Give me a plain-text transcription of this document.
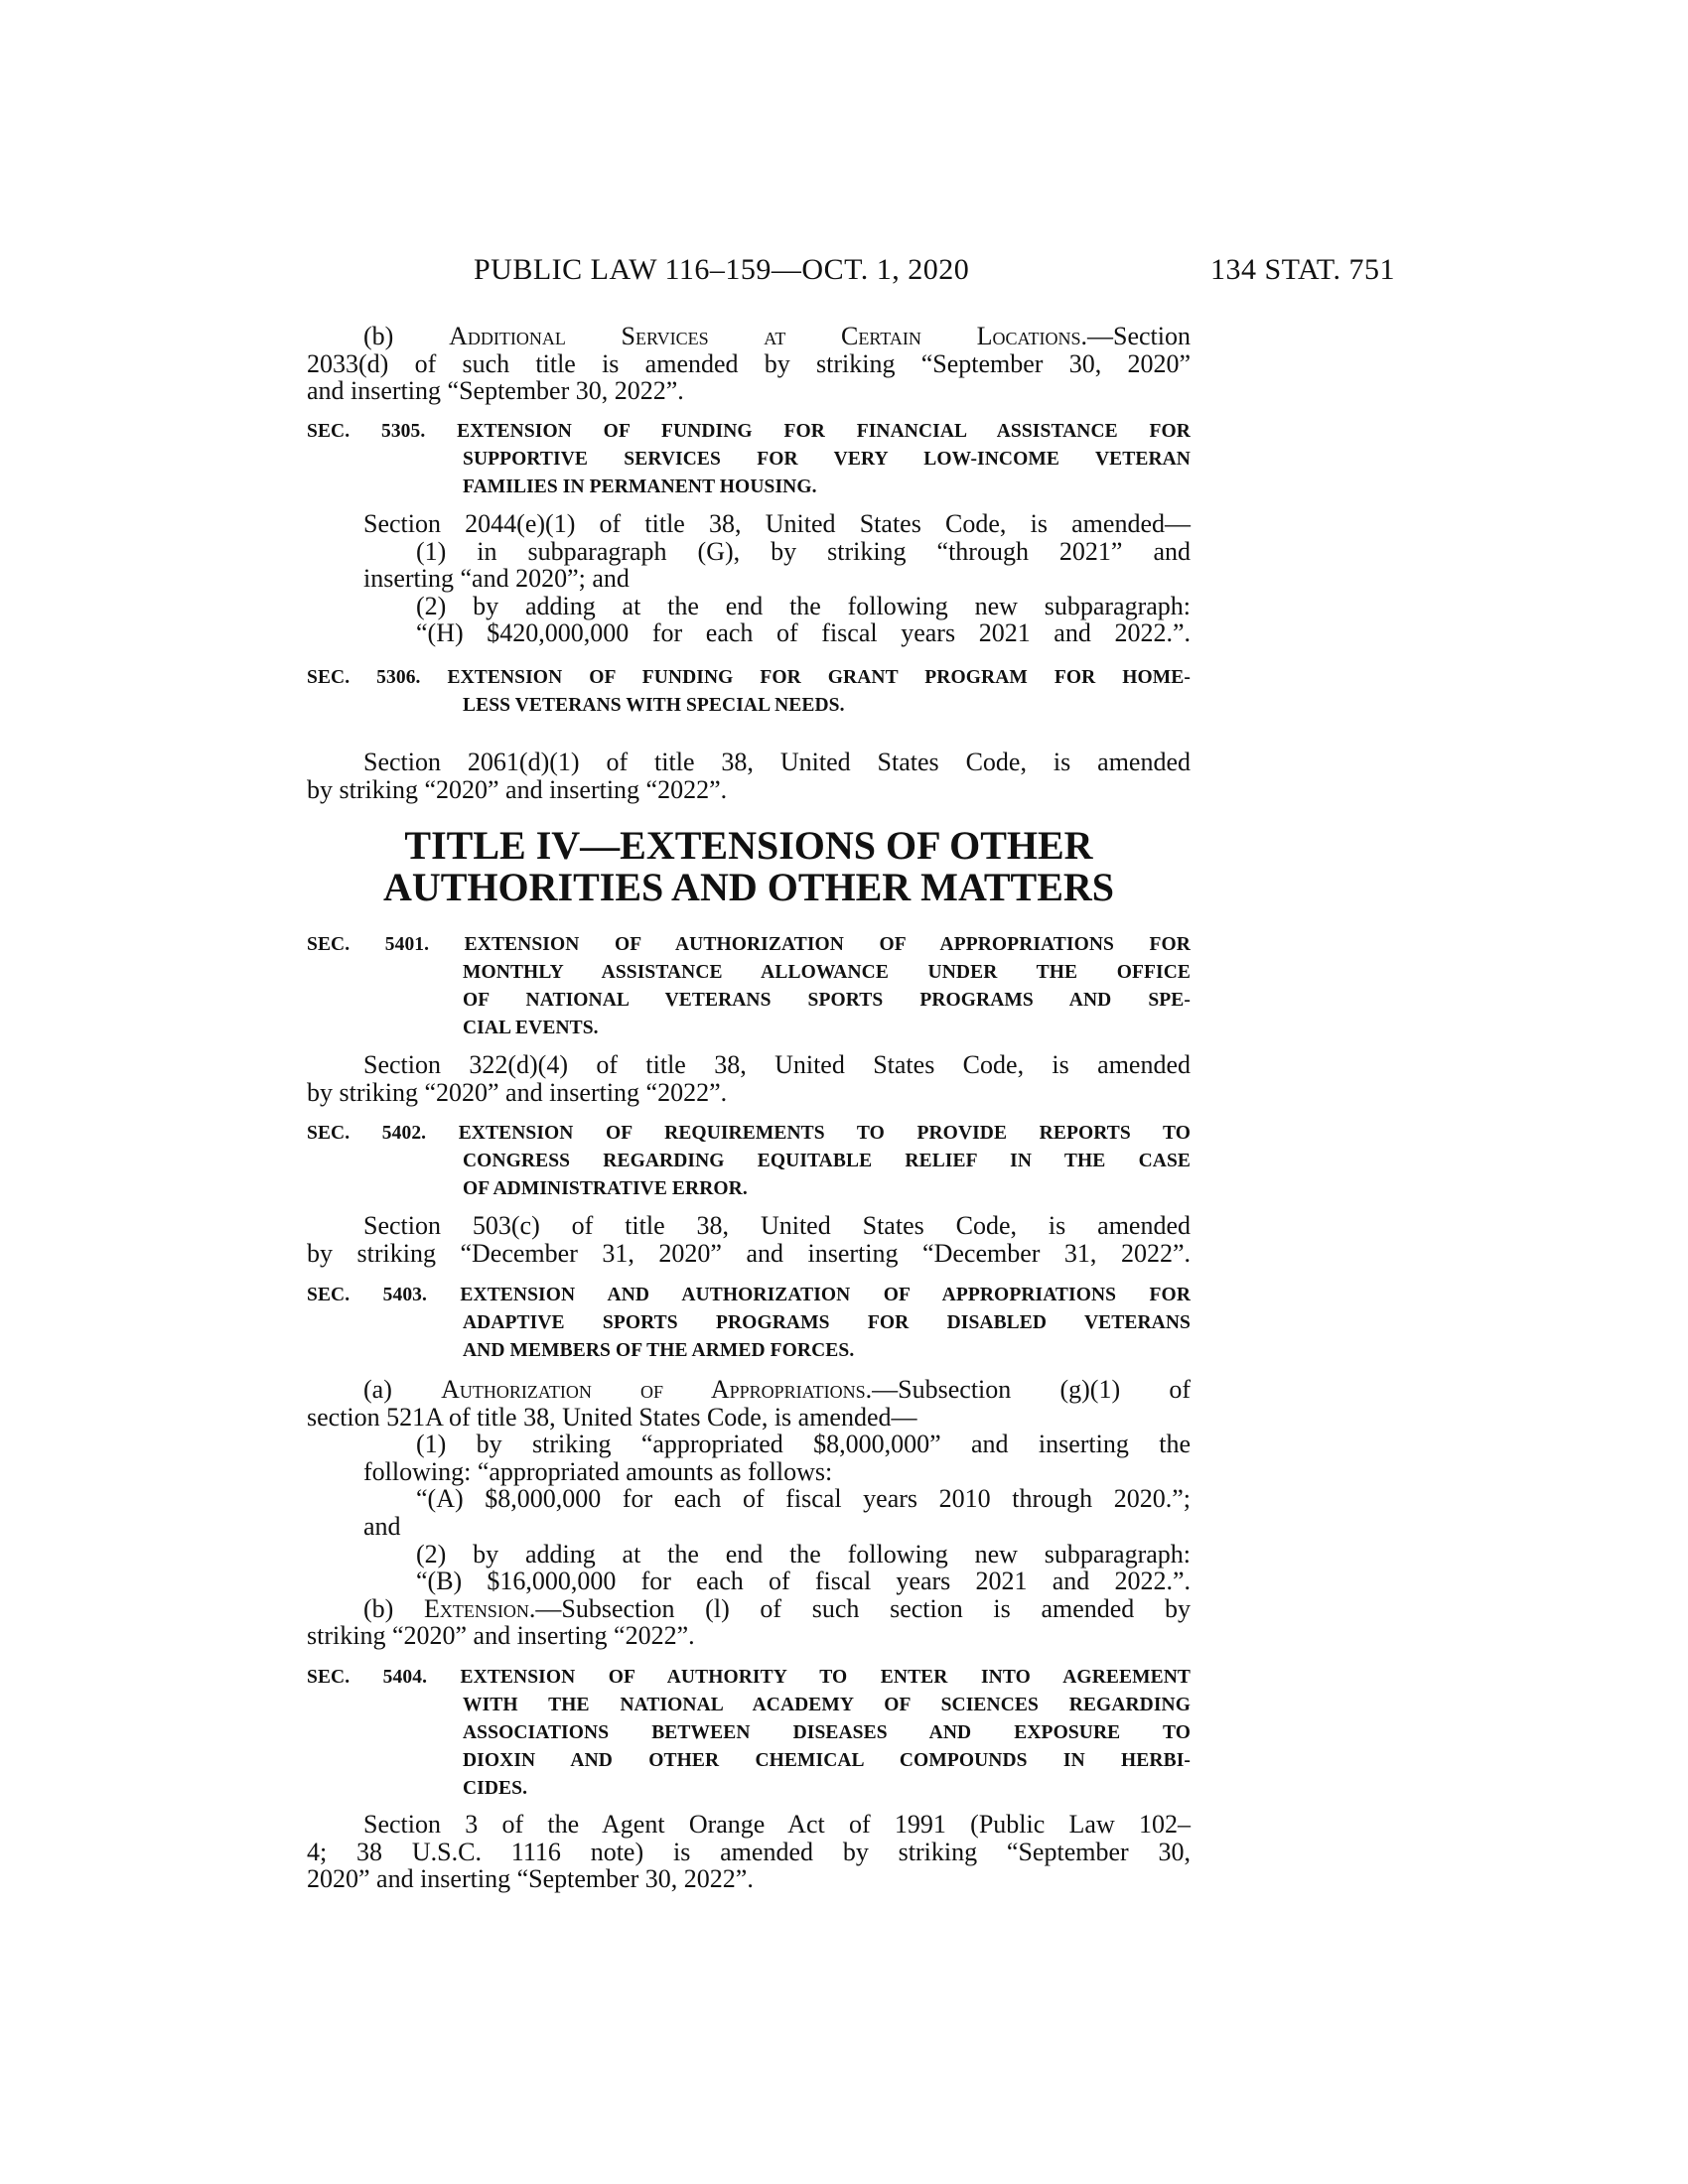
PUBLIC LAW 116–159—OCT. 1, 2020	134 STAT. 751
(b) Additional Services at Certain Locations.—Section
2033(d) of such title is amended by striking “September 30, 2020”
and inserting “September 30, 2022”.
SEC. 5305. EXTENSION OF FUNDING FOR FINANCIAL ASSISTANCE FOR
SUPPORTIVE SERVICES FOR VERY LOW-INCOME VETERAN
FAMILIES IN PERMANENT HOUSING.
Section 2044(e)(1) of title 38, United States Code, is amended—
(1) in subparagraph (G), by striking “through 2021” and
inserting “and 2020”; and
(2) by adding at the end the following new subparagraph:
“(H) $420,000,000 for each of fiscal years 2021 and 2022.”.
SEC. 5306. EXTENSION OF FUNDING FOR GRANT PROGRAM FOR HOME-
LESS VETERANS WITH SPECIAL NEEDS.
Section 2061(d)(1) of title 38, United States Code, is amended
by striking “2020” and inserting “2022”.
TITLE IV—EXTENSIONS OF OTHER
AUTHORITIES AND OTHER MATTERS
SEC. 5401. EXTENSION OF AUTHORIZATION OF APPROPRIATIONS FOR
MONTHLY ASSISTANCE ALLOWANCE UNDER THE OFFICE
OF NATIONAL VETERANS SPORTS PROGRAMS AND SPE-
CIAL EVENTS.
Section 322(d)(4) of title 38, United States Code, is amended
by striking “2020” and inserting “2022”.
SEC. 5402. EXTENSION OF REQUIREMENTS TO PROVIDE REPORTS TO
CONGRESS REGARDING EQUITABLE RELIEF IN THE CASE
OF ADMINISTRATIVE ERROR.
Section 503(c) of title 38, United States Code, is amended
by striking “December 31, 2020” and inserting “December 31, 2022”.
SEC. 5403. EXTENSION AND AUTHORIZATION OF APPROPRIATIONS FOR
ADAPTIVE SPORTS PROGRAMS FOR DISABLED VETERANS
AND MEMBERS OF THE ARMED FORCES.
(a) Authorization of Appropriations.—Subsection (g)(1) of
section 521A of title 38, United States Code, is amended—
(1) by striking “appropriated $8,000,000” and inserting the
following: “appropriated amounts as follows:
“(A) $8,000,000 for each of fiscal years 2010 through 2020.”;
and
(2) by adding at the end the following new subparagraph:
“(B) $16,000,000 for each of fiscal years 2021 and 2022.”.
(b) Extension.—Subsection (l) of such section is amended by
striking “2020” and inserting “2022”.
SEC. 5404. EXTENSION OF AUTHORITY TO ENTER INTO AGREEMENT
WITH THE NATIONAL ACADEMY OF SCIENCES REGARDING
ASSOCIATIONS BETWEEN DISEASES AND EXPOSURE TO
DIOXIN AND OTHER CHEMICAL COMPOUNDS IN HERBI-
CIDES.
Section 3 of the Agent Orange Act of 1991 (Public Law 102–
4; 38 U.S.C. 1116 note) is amended by striking “September 30,
2020” and inserting “September 30, 2022”.
